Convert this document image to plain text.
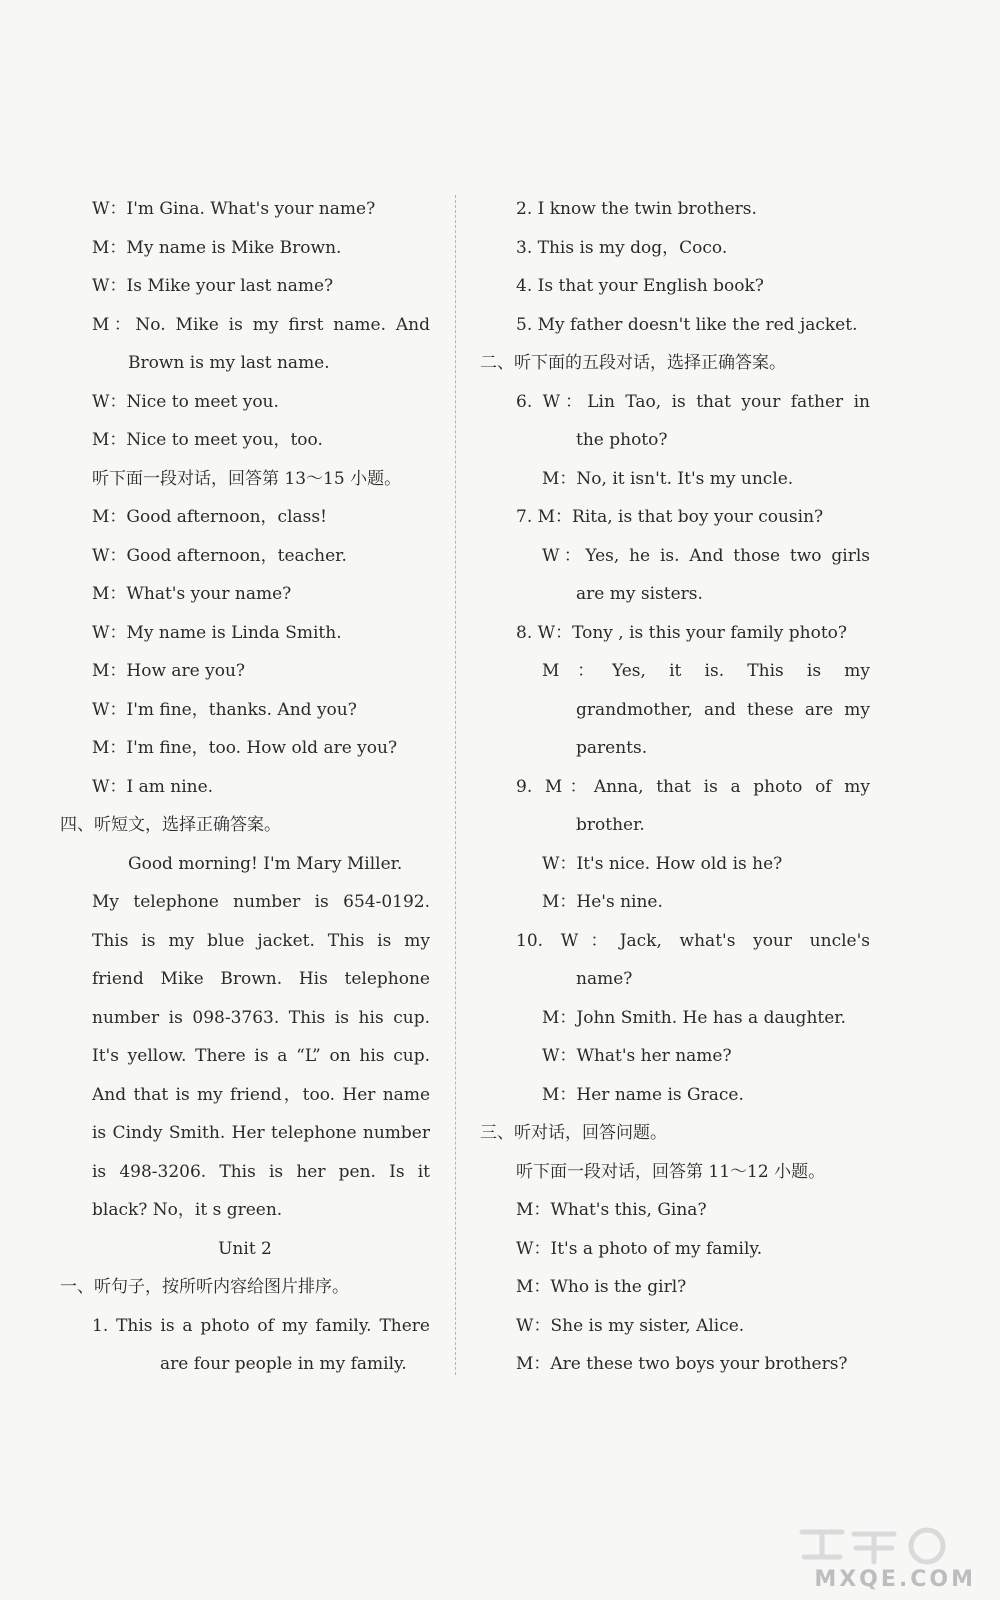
W：I'm Gina. What's your name?
M：My name is Mike Brown.
W：Is Mike your last name?
M：No. Mike is my first name. And
Brown is my last name.
W：Nice to meet you.
M：Nice to meet you，too.
听下面一段对话，回答第 13～15 小题。
M：Good afternoon，class!
W：Good afternoon，teacher.
M：What's your name?
W：My name is Linda Smith.
M：How are you?
W：I'm fine，thanks. And you?
M：I'm fine，too. How old are you?
W：I am nine.
四、听短文，选择正确答案。
Good morning! I'm Mary Miller.
My telephone number is 654-0192.
This is my blue jacket. This is my
friend Mike Brown. His telephone
number is 098-3763. This is his cup.
It's yellow. There is a “L” on his cup.
And that is my friend，too. Her name
is Cindy Smith. Her telephone number
is 498-3206. This is her pen. Is it
black? No，it s green.
Unit 2
一、听句子，按所听内容给图片排序。
1. This is a photo of my family. There
are four people in my family.
2. I know the twin brothers.
3. This is my dog，Coco.
4. Is that your English book?
5. My father doesn't like the red jacket.
二、听下面的五段对话，选择正确答案。
6. W：Lin Tao, is that your father in
the photo?
M：No, it isn't. It's my uncle.
7. M：Rita, is that boy your cousin?
W：Yes, he is. And those two girls
are my sisters.
8. W：Tony , is this your family photo?
M：Yes, it is. This is my
grandmother, and these are my
parents.
9. M：Anna, that is a photo of my
brother.
W：It's nice. How old is he?
M：He's nine.
10. W：Jack, what's your uncle's
name?
M：John Smith. He has a daughter.
W：What's her name?
M：Her name is Grace.
三、听对话，回答问题。
听下面一段对话，回答第 11～12 小题。
M：What's this, Gina?
W：It's a photo of my family.
M：Who is the girl?
W：She is my sister, Alice.
M：Are these two boys your brothers?
MXQE.COM
